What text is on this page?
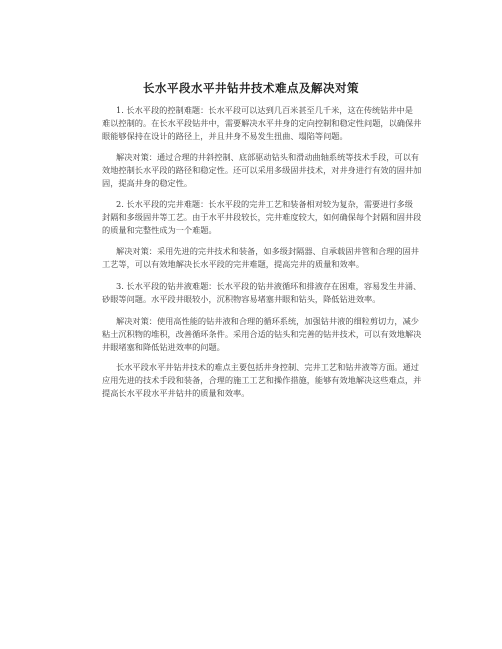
长水平段水平井钻井技术难点及解决对策
1. 长水平段的控制难题：长水平段可以达到几百米甚至几千米，这在传统钻井中是
难以控制的。在长水平段钻井中，需要解决水平井身的定向控制和稳定性问题，以确保井
眼能够保持在设计的路径上，并且井身不易发生扭曲、塌陷等问题。
解决对策：通过合理的井斜控制、底部驱动钻头和滑动曲轴系统等技术手段，可以有
效地控制长水平段的路径和稳定性。还可以采用多级固井技术，对井身进行有效的固井加
固，提高井身的稳定性。
2. 长水平段的完井难题：长水平段的完井工艺和装备相对较为复杂，需要进行多级
封隔和多级固井等工艺。由于水平井段较长，完井难度较大，如何确保每个封隔和固井段
的质量和完整性成为一个难题。
解决对策：采用先进的完井技术和装备，如多级封隔器、自承载固井管和合理的固井
工艺等，可以有效地解决长水平段的完井难题，提高完井的质量和效率。
3. 长水平段的钻井液难题：长水平段的钻井液循环和排液存在困难，容易发生井涌、
砂眼等问题。水平段井眼较小，沉积物容易堵塞井眼和钻头，降低钻进效率。
解决对策：使用高性能的钻井液和合理的循环系统，加强钻井液的细粒剪切力，减少
粘土沉积物的堆积，改善循环条件。采用合适的钻头和完善的钻井技术，可以有效地解决
井眼堵塞和降低钻进效率的问题。
长水平段水平井钻井技术的难点主要包括井身控制、完井工艺和钻井液等方面。通过
应用先进的技术手段和装备，合理的施工工艺和操作措施，能够有效地解决这些难点，并
提高长水平段水平井钻井的质量和效率。
